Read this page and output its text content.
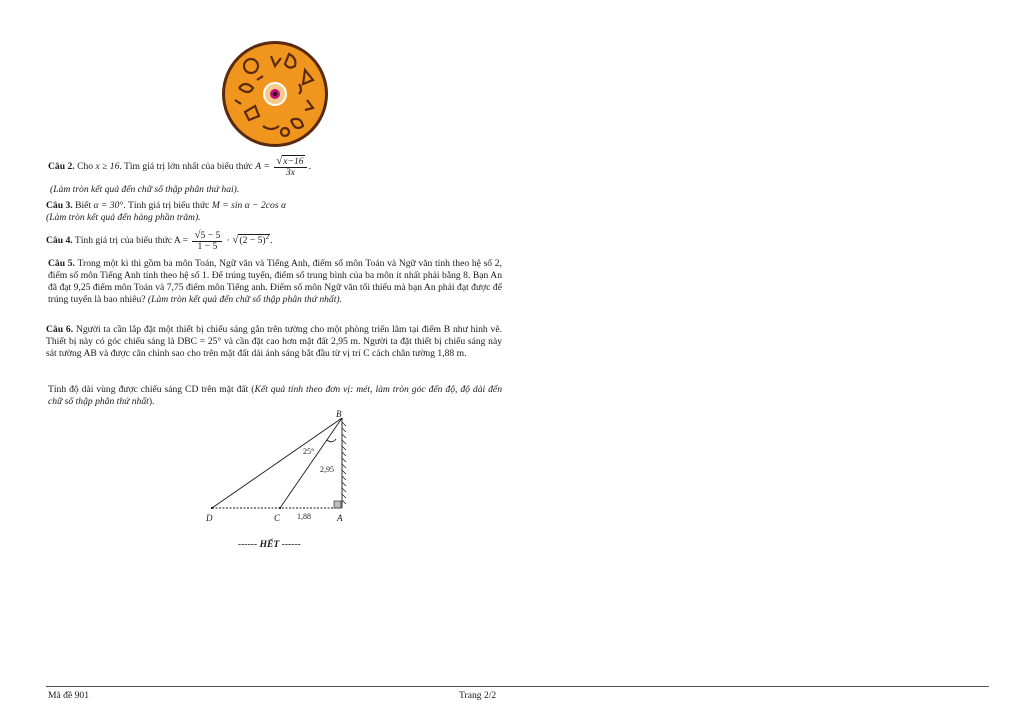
Câu 2. Cho x ≥ 16. Tìm giá trị lớn nhất của biểu thức $A = \frac{√x-16}{3x}$ .
(Làm tròn kết quả đến chữ số thập phân thứ hai).
Câu 3. Biết α = 30°. Tính giá trị biểu thức M = sin α − 2cos α
(Làm tròn kết quả đến hàng phần trăm).
Câu 4. Tính giá trị của biểu thức $A = \frac{√5 - 5}{1 - 5} \cdot √(2 - 5)^2$.
Câu 5. Trong một kì thi gồm ba môn Toán, Ngữ văn và Tiếng Anh, điểm số môn Toán và Ngữ văn tính theo hệ số 2, điểm số môn Tiếng Anh tính theo hệ số 1. Để trúng tuyển, điểm số trung bình của ba môn ít nhất phải bằng 8. Bạn An đã đạt 9,25 điểm môn Toán và 7,75 điểm môn Tiếng anh. Điểm số môn Ngữ văn tối thiểu mà bạn An phải đạt được để trúng tuyển là bao nhiêu? (Làm tròn kết quả đến chữ số thập phân thứ nhất).
Câu 6. Người ta cần lắp đặt một thiết bị chiếu sáng gắn trên tường cho một phòng triển lãm tại điểm B như hình vẽ. Thiết bị này có góc chiếu sáng là DBC = 25° và cần đặt cao hơn mặt đất 2,95 m. Người ta đặt thiết bị chiếu sáng này sát tường AB và được căn chỉnh sao cho trên mặt đất dải ánh sáng bắt đầu từ vị trí C cách chân tường 1,88 m.
Tính độ dài vùng được chiếu sáng CD trên mặt đất (Kết quả tính theo đơn vị: mét, làm tròn góc đến độ, độ dài đến chữ số thập phân thứ nhất).
B
A
C
D
25°
2,95
1,88
------ HẾT ------
Mã đề 901	Trang 2/2
